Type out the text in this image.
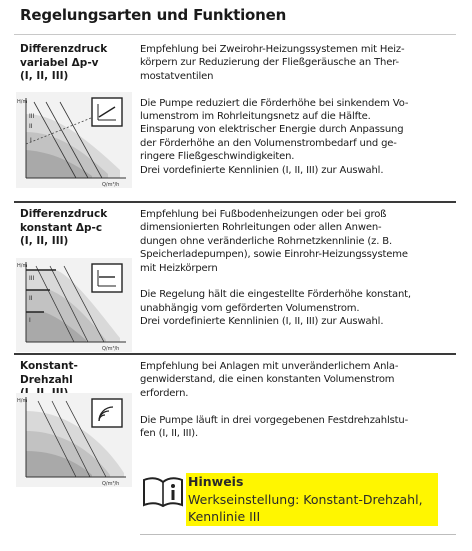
Regelungsarten und Funktionen
Differenzdruck
variabel Δp-v
(I, II, III)
Empfehlung bei Zweirohr-Heizungssystemen mit Heiz-
körpern zur Reduzierung der Fließgeräusche an Ther-
mostatventilen

Die Pumpe reduziert die Förderhöhe bei sinkendem Vo-
lumenstrom im Rohrleitungsnetz auf die Hälfte.
Einsparung von elektrischer Energie durch Anpassung
der Förderhöhe an den Volumenstrombedarf und ge-
ringere Fließgeschwindigkeiten.
Drei vordefinierte Kennlinien (I, II, III) zur Auswahl.
H/m
Q/m³/h
III
II
I
Differenzdruck
konstant Δp-c
(I, II, III)
Empfehlung bei Fußbodenheizungen oder bei groß
dimensionierten Rohrleitungen oder allen Anwen-
dungen ohne veränderliche Rohrnetzkennlinie (z. B.
Speicherladepumpen), sowie Einrohr-Heizungssysteme
mit Heizkörpern

Die Regelung hält die eingestellte Förderhöhe konstant,
unabhängig vom geförderten Volumenstrom.
Drei vordefinierte Kennlinien (I, II, III) zur Auswahl.
H/m
Q/m³/h
III
II
I
Konstant-Drehzahl
Empfehlung bei Anlagen mit unveränderlichem Anla-
genwiderstand, die einen konstanten Volumenstrom
erfordern.

Die Pumpe läuft in drei vorgegebenen Festdrehzahlstu-
fen (I, II, III).
H/m
Q/m³/h	Hinweis
Werkseinstellung: Konstant-Drehzahl,
Kennlinie III
